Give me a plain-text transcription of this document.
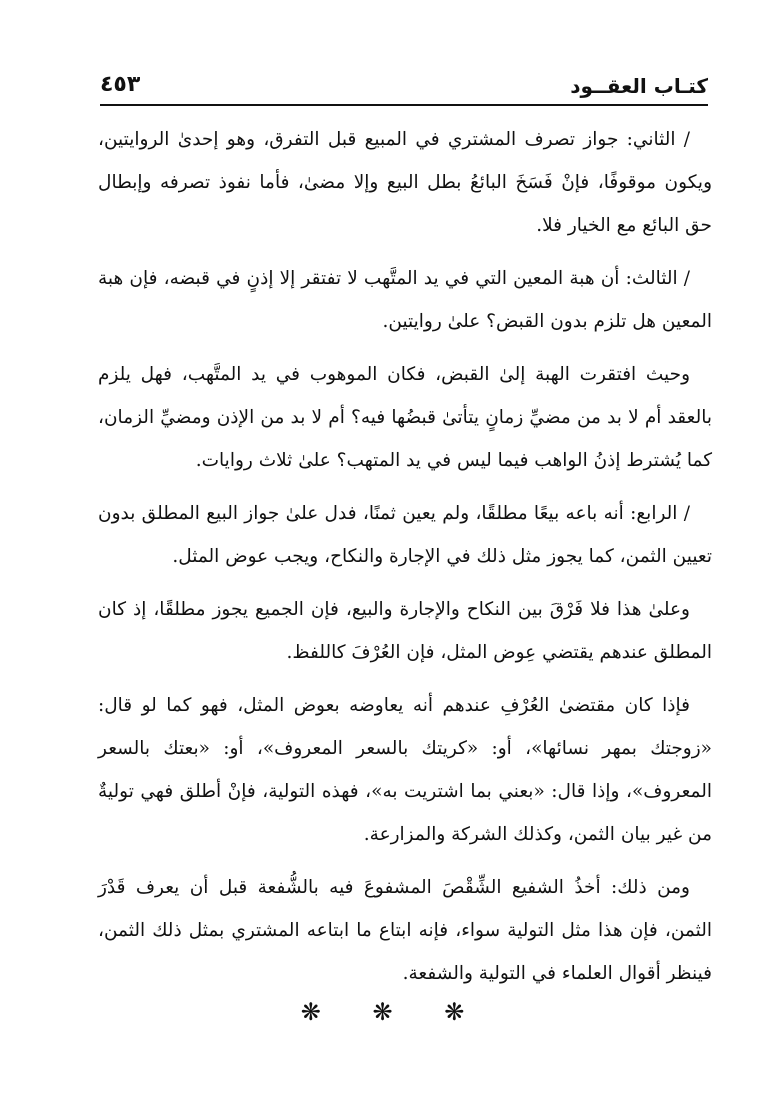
كتـاب العقــود
٤٥٣

/ الثاني: جواز تصرف المشتري في المبيع قبل التفرق، وهو إحدىٰ الروايتين، ويكون موقوفًا، فإنْ فَسَخَ البائعُ بطل البيع وإلا مضىٰ، فأما نفوذ تصرفه وإبطال حق البائع مع الخيار فلا.

/ الثالث: أن هبة المعين التي في يد المتَّهب لا تفتقر إلا إذنٍ في قبضه، فإن هبة المعين هل تلزم بدون القبض؟ علىٰ روايتين.

وحيث افتقرت الهبة إلىٰ القبض، فكان الموهوب في يد المتَّهب، فهل يلزم بالعقد أم لا بد من مضيِّ زمانٍ يتأتىٰ قبضُها فيه؟ أم لا بد من الإذن ومضيِّ الزمان، كما يُشترط إذنُ الواهب فيما ليس في يد المتهب؟ علىٰ ثلاث روايات.

/ الرابع: أنه باعه بيعًا مطلقًا، ولم يعين ثمنًا، فدل علىٰ جواز البيع المطلق بدون تعيين الثمن، كما يجوز مثل ذلك في الإجارة والنكاح، ويجب عوض المثل.

وعلىٰ هذا فلا فَرْقَ بين النكاح والإجارة والبيع، فإن الجميع يجوز مطلقًا، إذ كان المطلق عندهم يقتضي عِوض المثل، فإن العُرْفَ كاللفظ.

فإذا كان مقتضىٰ العُرْفِ عندهم أنه يعاوضه بعوض المثل، فهو كما لو قال: «زوجتك بمهر نسائها»، أو: «كريتك بالسعر المعروف»، أو: «بعتك بالسعر المعروف»، وإذا قال: «بعني بما اشتريت به»، فهذه التولية، فإنْ أطلق فهي توليةٌ من غير بيان الثمن، وكذلك الشركة والمزارعة.

ومن ذلك: أخذُ الشفيع الشِّقْصَ المشفوعَ فيه بالشُّفعة قبل أن يعرف قَدْرَ الثمن، فإن هذا مثل التولية سواء، فإنه ابتاع ما ابتاعه المشتري بمثل ذلك الثمن، فينظر أقوال العلماء في التولية والشفعة.

❋ ❋ ❋
